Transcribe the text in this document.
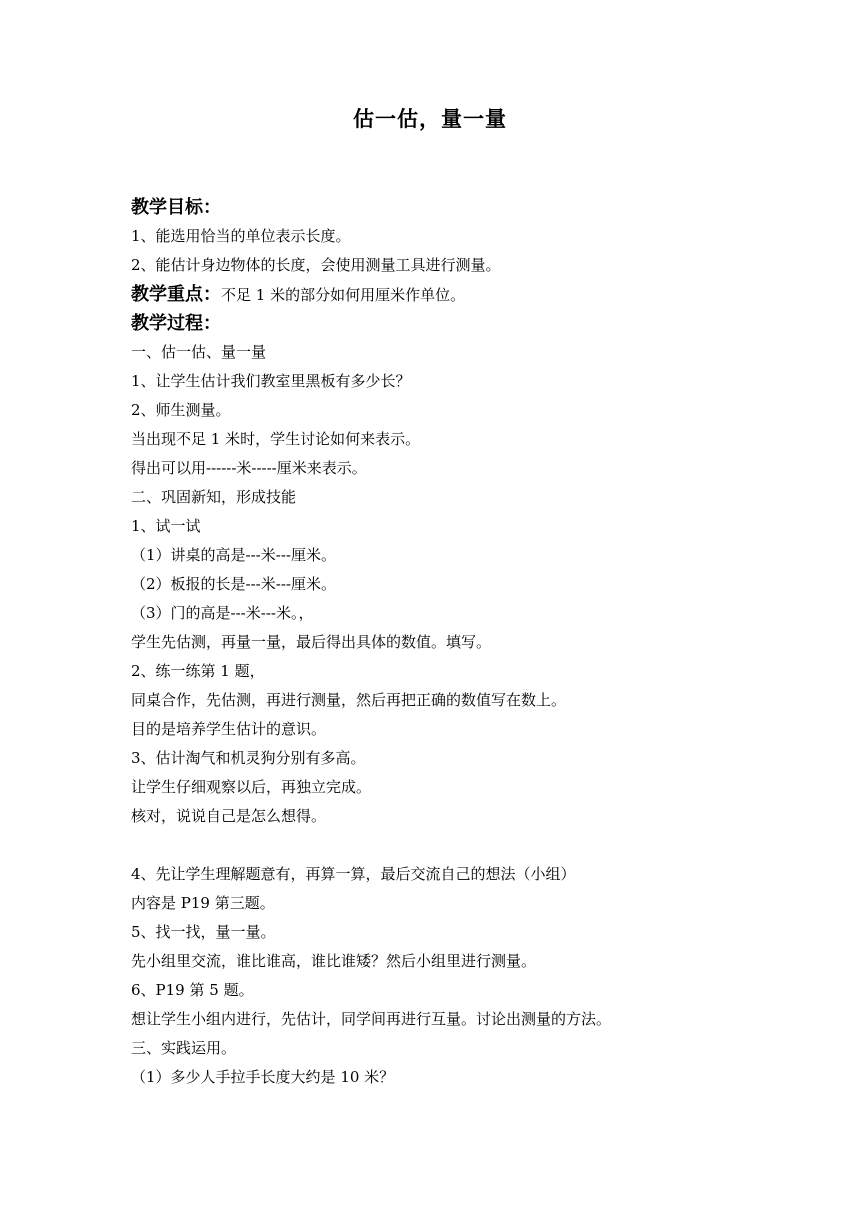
估一估，量一量
教学目标：
1、能选用恰当的单位表示长度。
2、能估计身边物体的长度，会使用测量工具进行测量。
教学重点：不足 1 米的部分如何用厘米作单位。
教学过程：
一、估一估、量一量
1、让学生估计我们教室里黑板有多少长？
2、师生测量。
当出现不足 1 米时，学生讨论如何来表示。
得出可以用------米-----厘米来表示。
二、巩固新知，形成技能
1、试一试
（1）讲桌的高是---米---厘米。
（2）板报的长是---米---厘米。
（3）门的高是---米---米。，
学生先估测，再量一量，最后得出具体的数值。填写。
2、练一练第 1 题，
同桌合作，先估测，再进行测量，然后再把正确的数值写在数上。
目的是培养学生估计的意识。
3、估计淘气和机灵狗分别有多高。
让学生仔细观察以后，再独立完成。
核对，说说自己是怎么想得。
4、先让学生理解题意有，再算一算，最后交流自己的想法（小组）
内容是 P19 第三题。
5、找一找，量一量。
先小组里交流，谁比谁高，谁比谁矮？然后小组里进行测量。
6、P19 第 5 题。
想让学生小组内进行，先估计，同学间再进行互量。讨论出测量的方法。
三、实践运用。
（1）多少人手拉手长度大约是 10 米？
